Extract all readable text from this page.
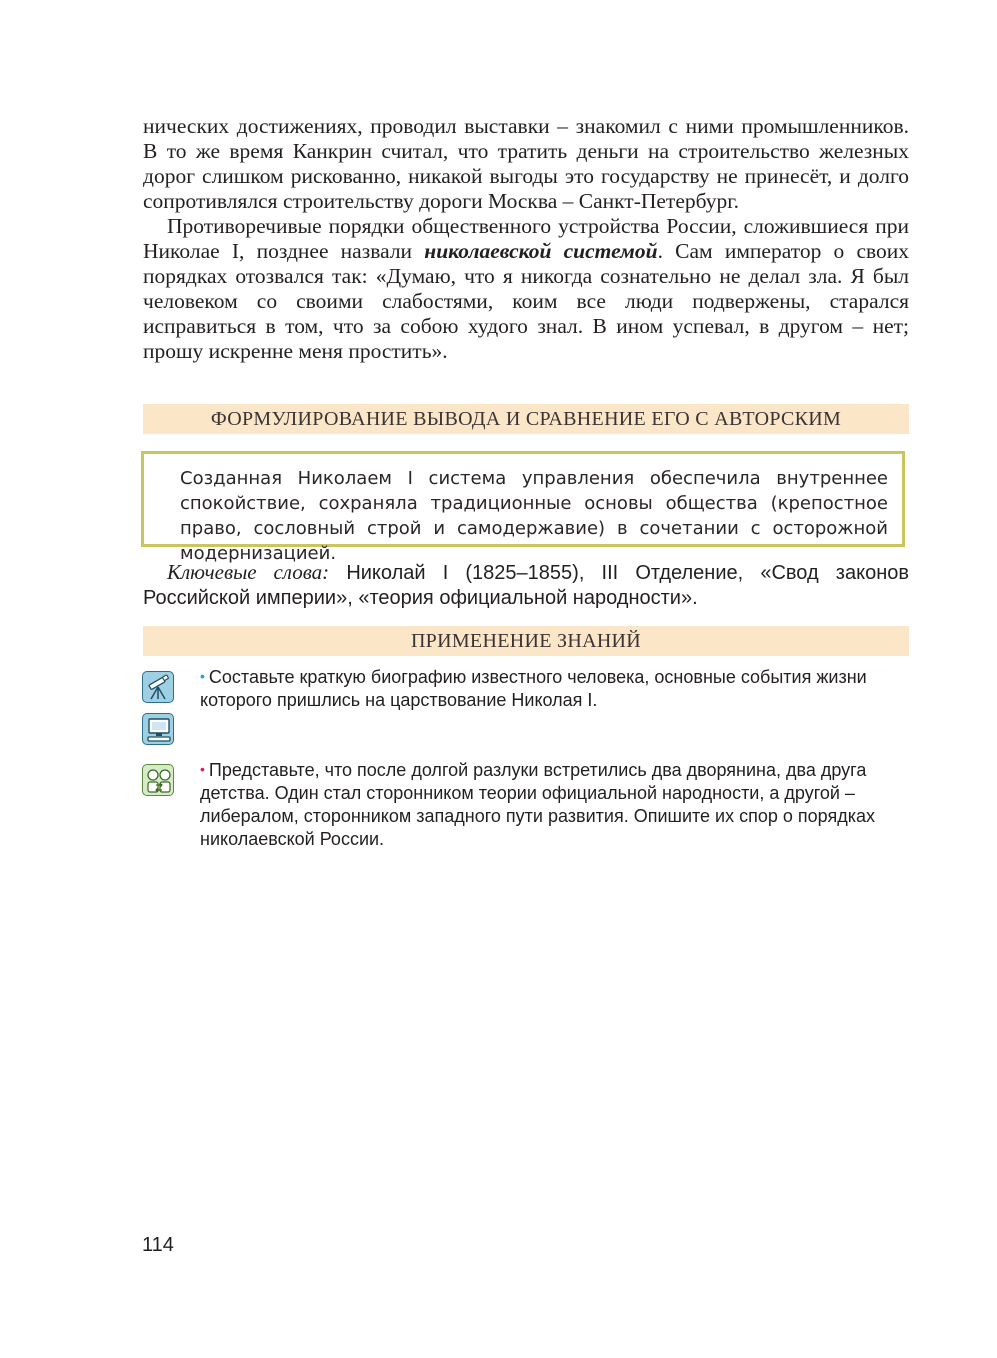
нических достижениях, проводил выставки – знакомил с ними промышленников. В то же время Канкрин считал, что тратить деньги на строительство железных дорог слишком рискованно, никакой выгоды это государству не принесёт, и долго сопротивлялся строительству дороги Москва – Санкт-Петербург.

Противоречивые порядки общественного устройства России, сложившиеся при Николае I, позднее назвали николаевской системой. Сам император о своих порядках отозвался так: «Думаю, что я никогда сознательно не делал зла. Я был человеком со своими слабостями, коим все люди подвержены, старался исправиться в том, что за собою худого знал. В ином успевал, в другом – нет; прошу искренне меня простить».

ФОРМУЛИРОВАНИЕ ВЫВОДА И СРАВНЕНИЕ ЕГО С АВТОРСКИМ
Созданная Николаем I система управления обеспечила внутреннее спокойствие, сохраняла традиционные основы общества (крепостное право, сословный строй и самодержавие) в сочетании с осторожной модернизацией.
Ключевые слова: Николай I (1825–1855), III Отделение, «Свод законов Российской империи», «теория официальной народности».
ПРИМЕНЕНИЕ ЗНАНИЙ
• Составьте краткую биографию известного человека, основные события жизни которого пришлись на царствование Николая I.
• Представьте, что после долгой разлуки встретились два дворянина, два друга детства. Один стал сторонником теории официальной народности, а другой – либералом, сторонником западного пути развития. Опишите их спор о порядках николаевской России.
114
